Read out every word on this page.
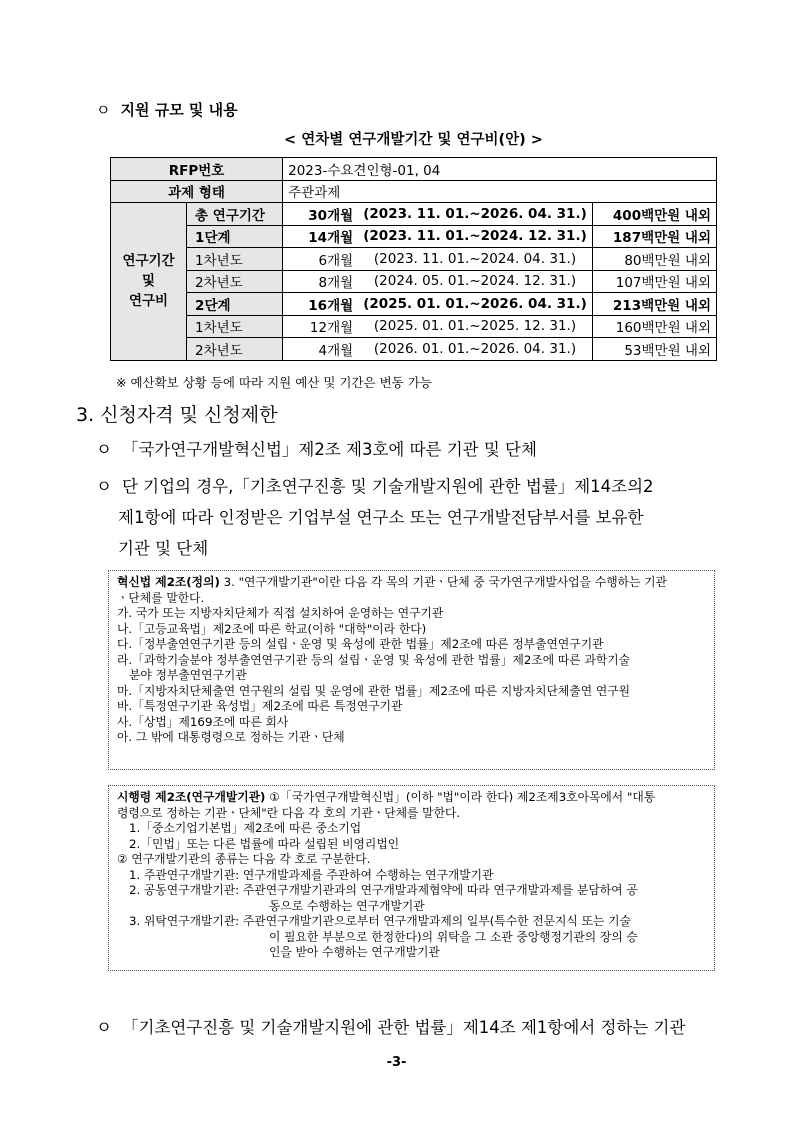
ㅇ 지원 규모 및 내용
< 연차별 연구개발기간 및 연구비(안) >
RFP번호		2023-수요견인형-01, 04		
과제 형태		주관과제		

연구기간
및
연구비	총 연구기간	30개월	(2023. 11. 01.~2026. 04. 31.)	400백만원 내외
	1단계	14개월	(2023. 11. 01.~2024. 12. 31.)	187백만원 내외
	1차년도	6개월	(2023. 11. 01.~2024. 04. 31.)	80백만원 내외
	2차년도	8개월	(2024. 05. 01.~2024. 12. 31.)	107백만원 내외
	2단계	16개월	(2025. 01. 01.~2026. 04. 31.)	213백만원 내외
	1차년도	12개월	(2025. 01. 01.~2025. 12. 31.)	160백만원 내외
	2차년도	4개월	(2026. 01. 01.~2026. 04. 31.)	53백만원 내외
※ 예산확보 상황 등에 따라 지원 예산 및 기간은 변동 가능
3. 신청자격 및 신청제한
ㅇ 「국가연구개발혁신법」제2조 제3호에 따른 기관 및 단체
ㅇ 단 기업의 경우,「기초연구진흥 및 기술개발지원에 관한 법률」제14조의2
제1항에 따라 인정받은 기업부설 연구소 또는 연구개발전담부서를 보유한
기관 및 단체
혁신법 제2조(정의) 3. "연구개발기관"이란 다음 각 목의 기관ㆍ단체 중 국가연구개발사업을 수행하는 기관
ㆍ단체를 말한다.
가. 국가 또는 지방자치단체가 직접 설치하여 운영하는 연구기관
나.「고등교육법」제2조에 따른 학교(이하 "대학"이라 한다)
다.「정부출연연구기관 등의 설립ㆍ운영 및 육성에 관한 법률」제2조에 따른 정부출연연구기관
라.「과학기술분야 정부출연연구기관 등의 설립ㆍ운영 및 육성에 관한 법률」제2조에 따른 과학기술
분야 정부출연연구기관
마.「지방자치단체출연 연구원의 설립 및 운영에 관한 법률」제2조에 따른 지방자치단체출연 연구원
바.「특정연구기관 육성법」제2조에 따른 특정연구기관
사.「상법」제169조에 따른 회사
아. 그 밖에 대통령령으로 정하는 기관ㆍ단체
시행령 제2조(연구개발기관) ①「국가연구개발혁신법」(이하 "법"이라 한다) 제2조제3호아목에서 "대통
령령으로 정하는 기관ㆍ단체"란 다음 각 호의 기관ㆍ단체를 말한다.
1.「중소기업기본법」제2조에 따른 중소기업
2.「민법」또는 다른 법률에 따라 설립된 비영리법인
② 연구개발기관의 종류는 다음 각 호로 구분한다.
1. 주관연구개발기관: 연구개발과제를 주관하여 수행하는 연구개발기관
2. 공동연구개발기관: 주관연구개발기관과의 연구개발과제협약에 따라 연구개발과제를 분담하여 공
동으로 수행하는 연구개발기관
3. 위탁연구개발기관: 주관연구개발기관으로부터 연구개발과제의 일부(특수한 전문지식 또는 기술
이 필요한 부분으로 한정한다)의 위탁을 그 소관 중앙행정기관의 장의 승
인을 받아 수행하는 연구개발기관
ㅇ 「기초연구진흥 및 기술개발지원에 관한 법률」제14조 제1항에서 정하는 기관
-3-
